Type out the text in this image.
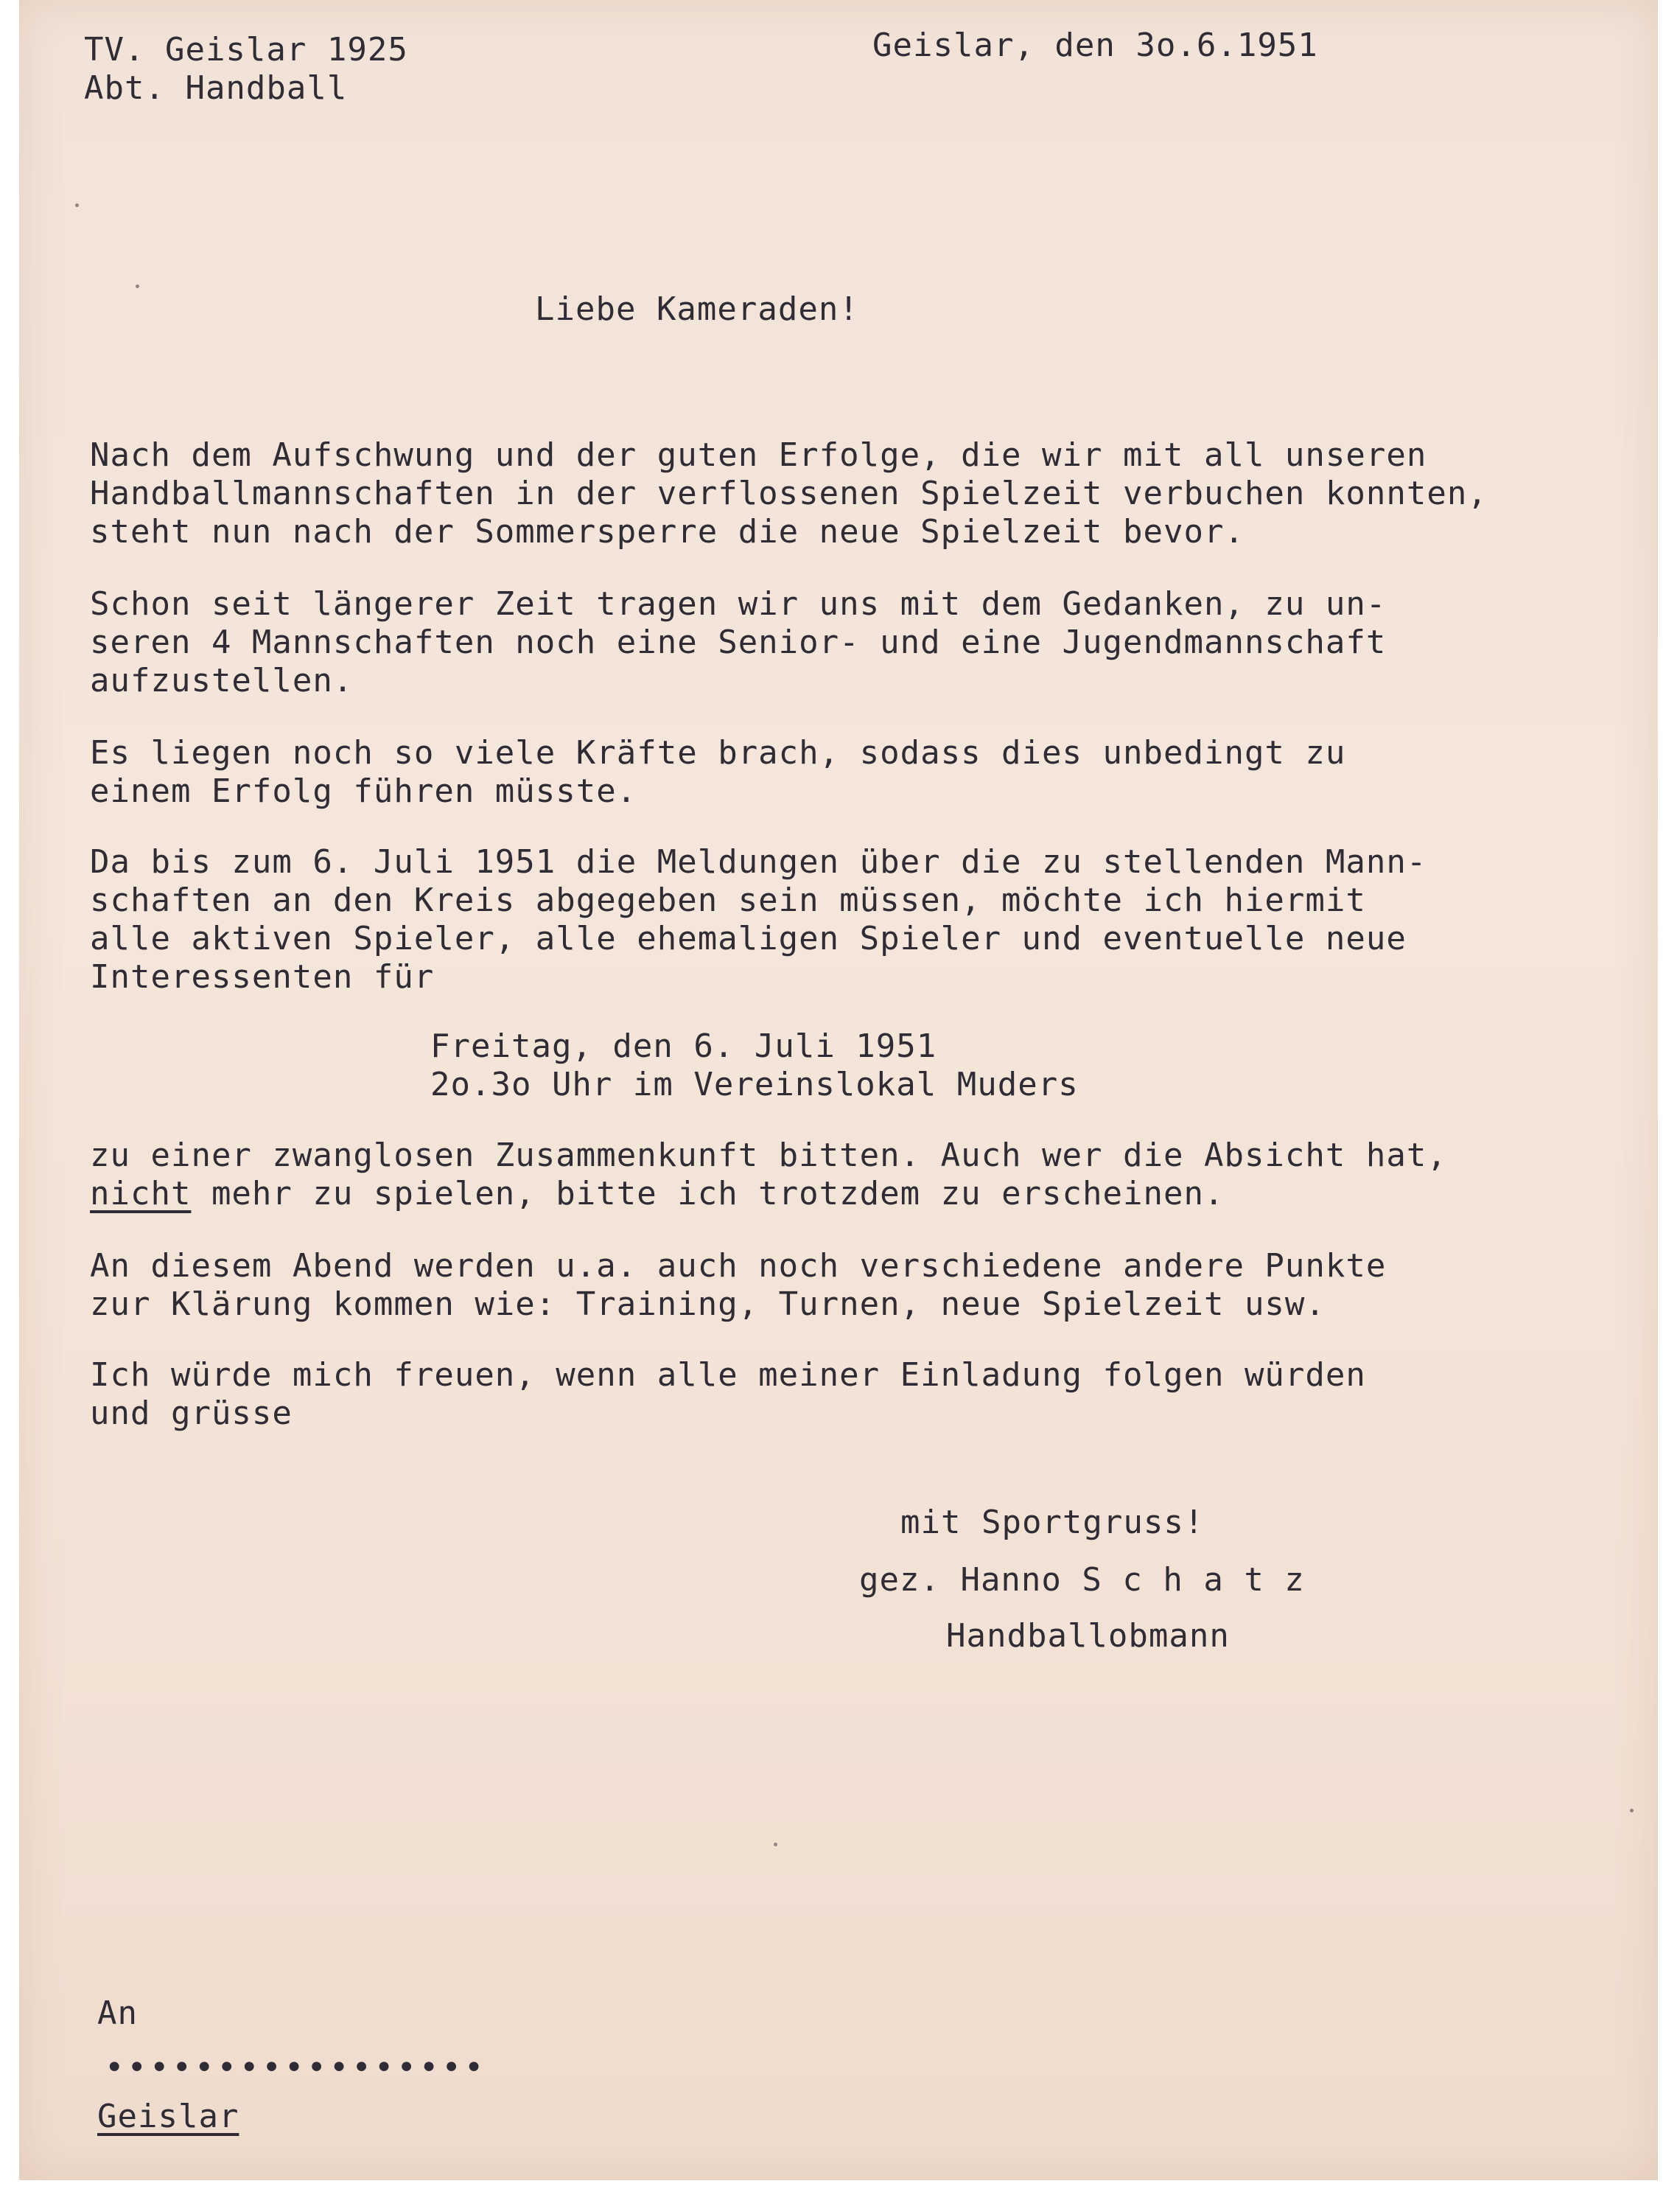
TV. Geislar 1925
Abt. Handball
Geislar, den 3o.6.1951
Liebe Kameraden!
Nach dem Aufschwung und der guten Erfolge, die wir mit all unseren
Handballmannschaften in der verflossenen Spielzeit verbuchen konnten,
steht nun nach der Sommersperre die neue Spielzeit bevor.
Schon seit längerer Zeit tragen wir uns mit dem Gedanken, zu un-
seren 4 Mannschaften noch eine Senior- und eine Jugendmannschaft
aufzustellen.
Es liegen noch so viele Kräfte brach, sodass dies unbedingt zu
einem Erfolg führen müsste.
Da bis zum 6. Juli 1951 die Meldungen über die zu stellenden Mann-
schaften an den Kreis abgegeben sein müssen, möchte ich hiermit
alle aktiven Spieler, alle ehemaligen Spieler und eventuelle neue
Interessenten für
Freitag, den 6. Juli 1951
2o.3o Uhr im Vereinslokal Muders
zu einer zwanglosen Zusammenkunft bitten. Auch wer die Absicht hat,
nicht mehr zu spielen, bitte ich trotzdem zu erscheinen.
An diesem Abend werden u.a. auch noch verschiedene andere Punkte
zur Klärung kommen wie: Training, Turnen, neue Spielzeit usw.
Ich würde mich freuen, wenn alle meiner Einladung folgen würden
und grüsse
mit Sportgruss!
gez. Hanno S c h a t z
Handballobmann
An
•••••••••••••••••
Geislar
